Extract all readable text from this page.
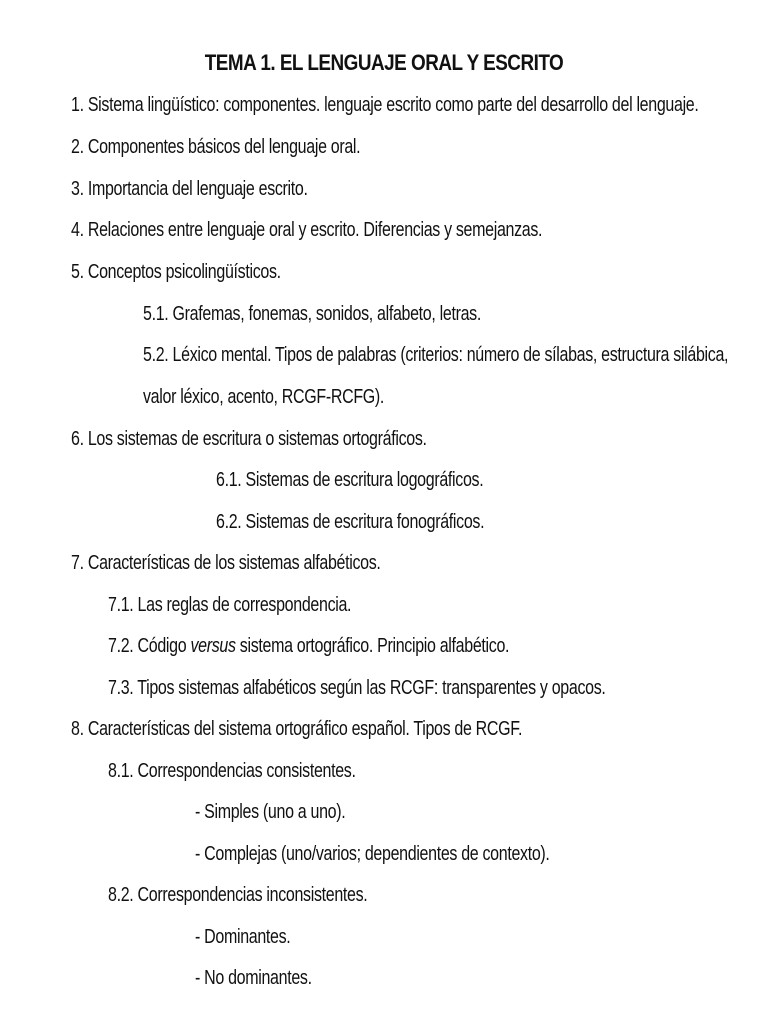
TEMA 1. EL LENGUAJE ORAL Y ESCRITO
1. Sistema lingüístico: componentes. lenguaje escrito como parte del desarrollo del lenguaje.
2. Componentes básicos del lenguaje oral.
3. Importancia del lenguaje escrito.
4. Relaciones entre lenguaje oral y escrito. Diferencias y semejanzas.
5. Conceptos psicolingüísticos.
5.1. Grafemas, fonemas, sonidos, alfabeto, letras.
5.2. Léxico mental. Tipos de palabras (criterios: número de sílabas, estructura silábica,
valor léxico, acento, RCGF-RCFG).
6. Los sistemas de escritura o sistemas ortográficos.
6.1. Sistemas de escritura logográficos.
6.2. Sistemas de escritura fonográficos.
7. Características de los sistemas alfabéticos.
7.1. Las reglas de correspondencia.
7.2. Código versus sistema ortográfico. Principio alfabético.
7.3. Tipos sistemas alfabéticos según las RCGF: transparentes y opacos.
8. Características del sistema ortográfico español. Tipos de RCGF.
8.1. Correspondencias consistentes.
- Simples (uno a uno).
- Complejas (uno/varios; dependientes de contexto).
8.2. Correspondencias inconsistentes.
- Dominantes.
- No dominantes.
